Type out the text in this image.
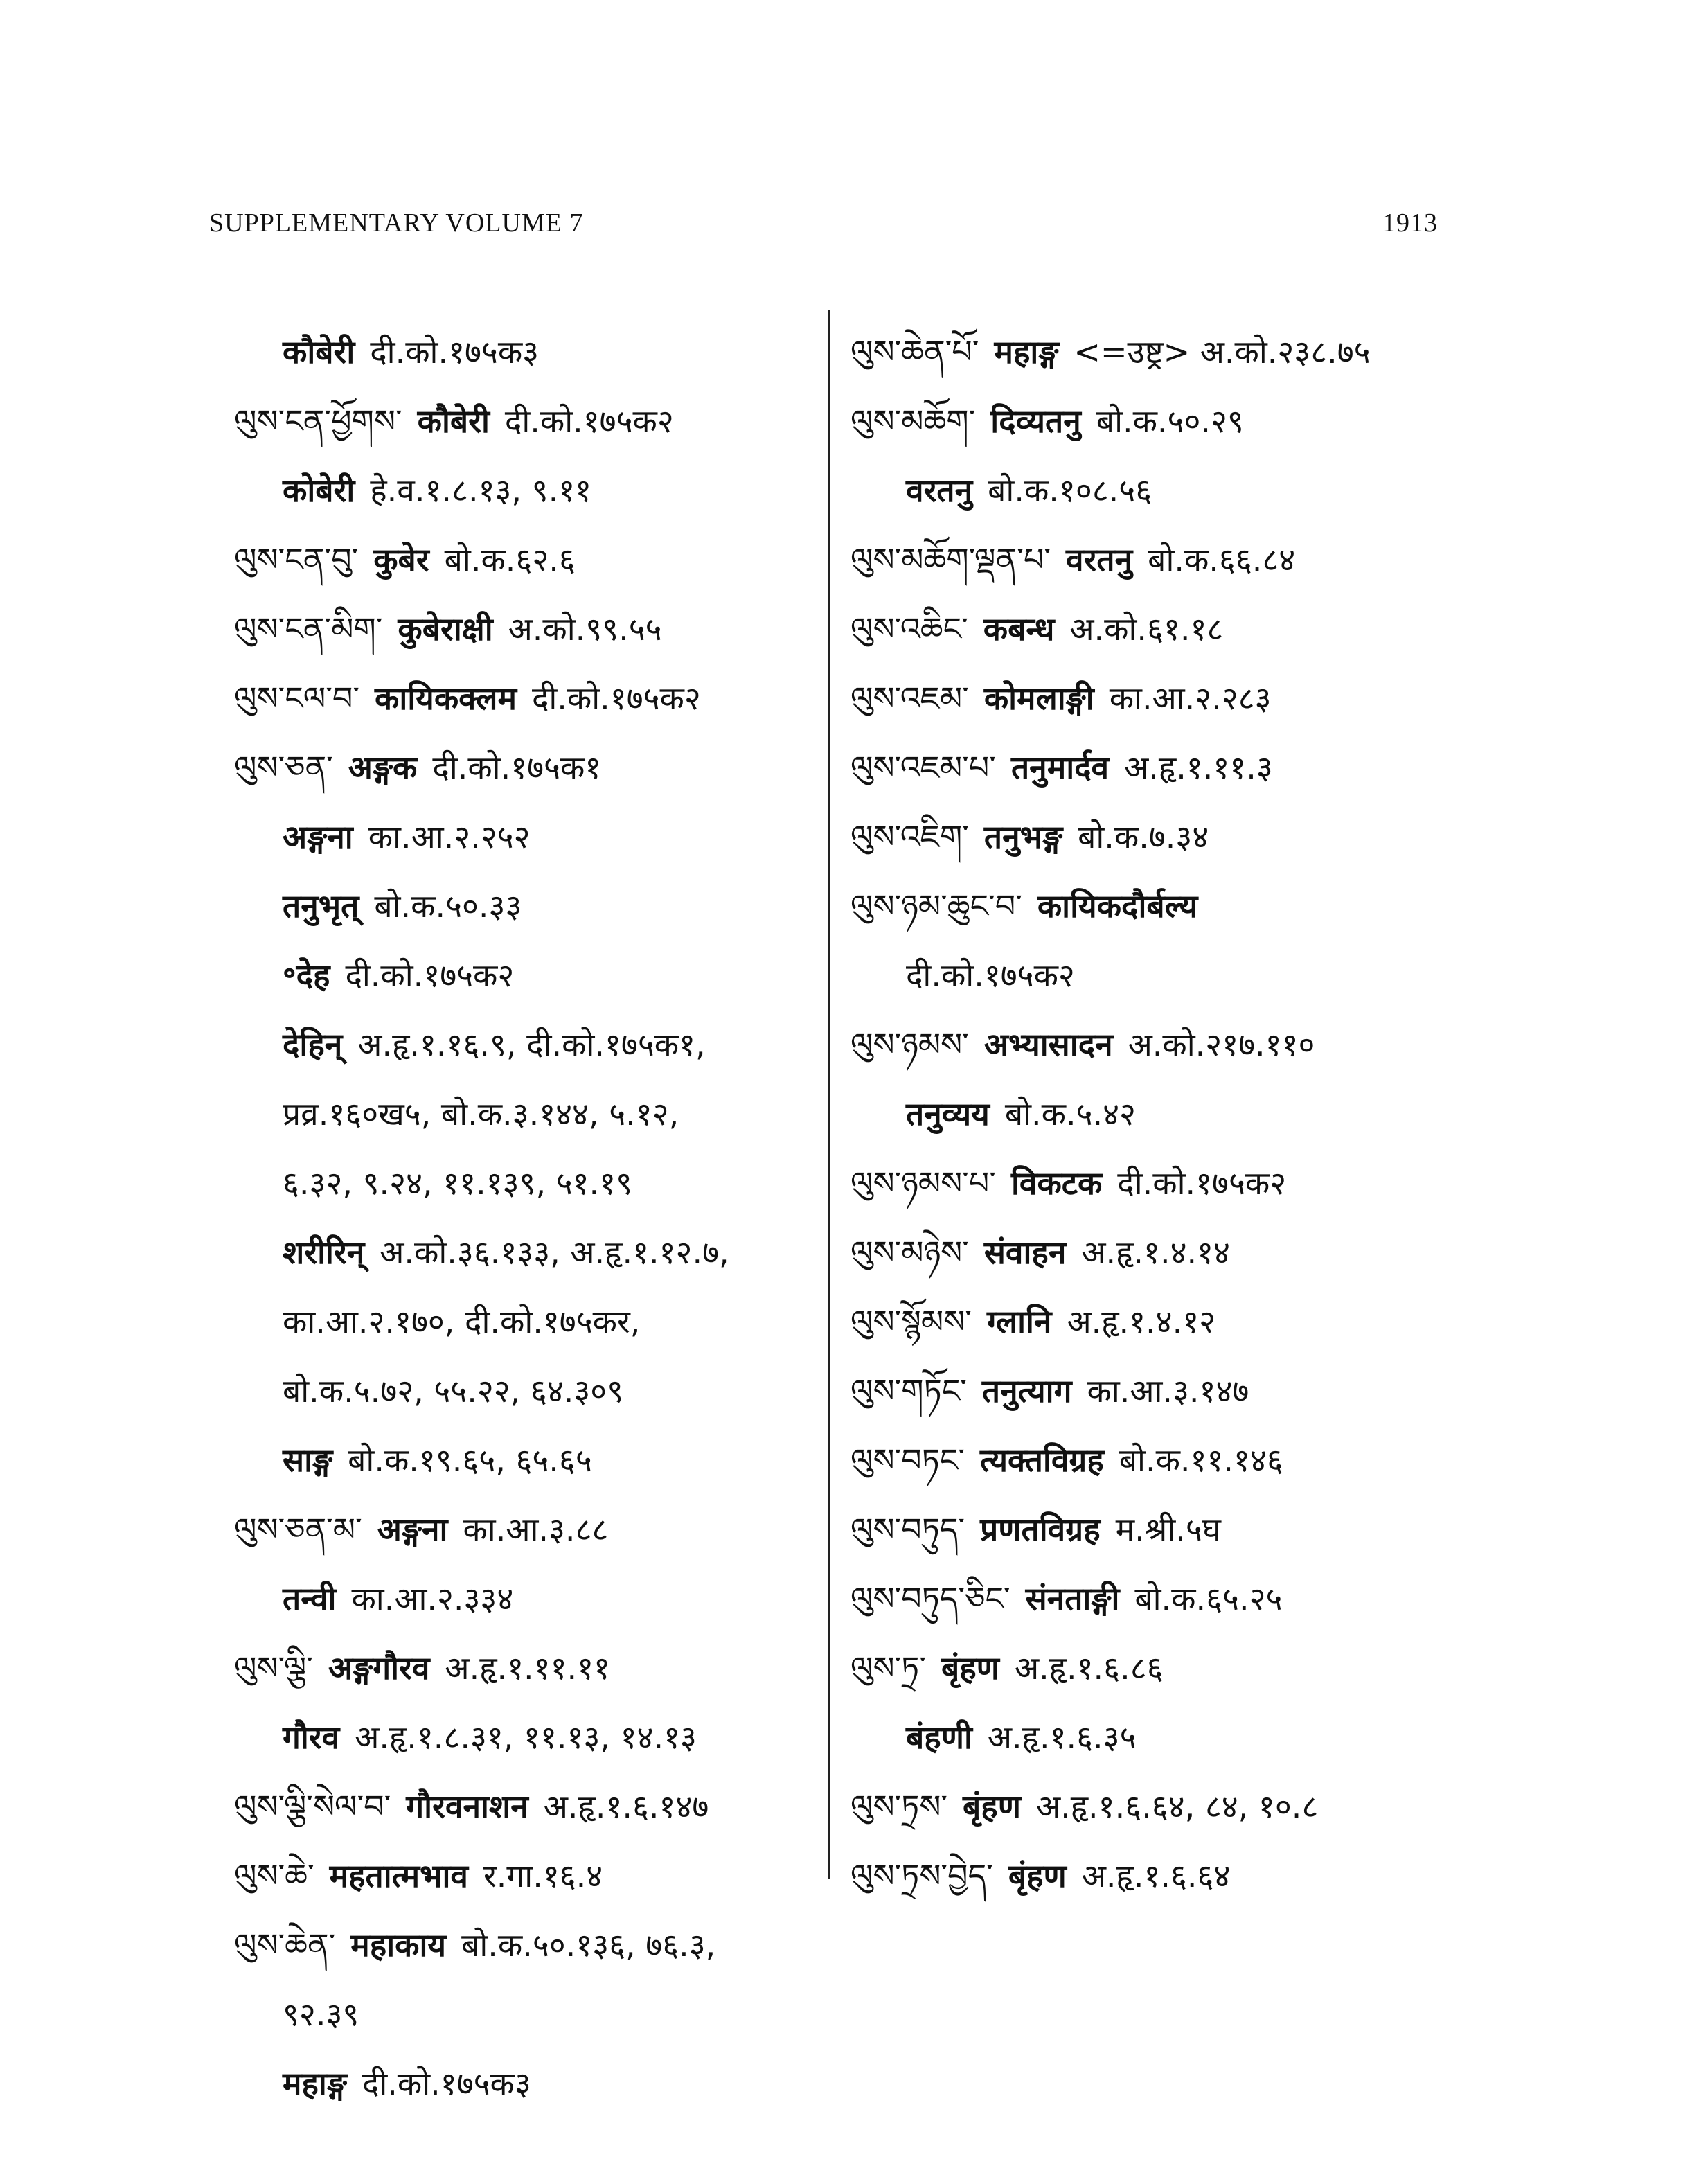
SUPPLEMENTARY VOLUME 7	1913
कौबेरी दी.को.१७५क३
ལུས་ངན་ཕྱོགས་ कौबेरी दी.को.१७५क२
कोबेरी हे.व.१.८.१३, ९.११
ལུས་ངན་བུ་ कुबेर बो.क.६२.६
ལུས་ངན་མིག་ कुबेराक्षी अ.को.९९.५५
ལུས་ངལ་བ་ कायिकक्लम दी.को.१७५क२
ལུས་ཅན་ अङ्गक दी.को.१७५क१
अङ्गना का.आ.२.२५२
तनुभृत् बो.क.५०.३३
॰देह दी.को.१७५क२
देहिन् अ.हृ.१.१६.९, दी.को.१७५क१,
प्रव्र.१६०ख५, बो.क.३.१४४, ५.१२,
६.३२, ९.२४, ११.१३९, ५१.१९
शरीरिन् अ.को.३६.१३३, अ.हृ.१.१२.७,
का.आ.२.१७०, दी.को.१७५कर,
बो.क.५.७२, ५५.२२, ६४.३०९
साङ्ग बो.क.१९.६५, ६५.६५
ལུས་ཅན་མ་ अङ्गना का.आ.३.८८
तन्वी का.आ.२.३३४
ལུས་ལྕི་ अङ्गगौरव अ.हृ.१.११.११
गौरव अ.हृ.१.८.३१, ११.१३, १४.१३
ལུས་ལྕི་སེལ་བ་ गौरवनाशन अ.हृ.१.६.१४७
ལུས་ཆེ་ महतात्मभाव र.गा.१६.४
ལུས་ཆེན་ महाकाय बो.क.५०.१३६, ७६.३,
९२.३९
महाङ्ग दी.को.१७५क३
ལུས་ཆེན་པོ་ महाङ्ग <=उष्ट्र> अ.को.२३८.७५
ལུས་མཆོག་ दिव्यतनु बो.क.५०.२९
वरतनु बो.क.१०८.५६
ལུས་མཆོག་ལྡན་པ་ वरतनु बो.क.६६.८४
ལུས་འཆིང་ कबन्ध अ.को.६१.१८
ལུས་འཇམ་ कोमलाङ्गी का.आ.२.२८३
ལུས་འཇམ་པ་ तनुमार्दव अ.हृ.१.११.३
ལུས་འཇིག་ तनुभङ्ग बो.क.७.३४
ལུས་ཉམ་ཆུང་བ་ कायिकदौर्बल्य
दी.को.१७५क२
ལུས་ཉམས་ अभ्यासादन अ.को.२१७.११०
तनुव्यय बो.क.५.४२
ལུས་ཉམས་པ་ विकटक दी.को.१७५क२
ལུས་མཉེས་ संवाहन अ.हृ.१.४.१४
ལུས་སྙོམས་ ग्लानि अ.हृ.१.४.१२
ལུས་གཏོང་ तनुत्याग का.आ.३.१४७
ལུས་བཏང་ त्यक्तविग्रह बो.क.११.१४६
ལུས་བཏུད་ प्रणतविग्रह म.श्री.५घ
ལུས་བཏུད་ཅིང་ संनताङ्गी बो.क.६५.२५
ལུས་ཏྲ་ बृंहण अ.हृ.१.६.८६
बंहणी अ.हृ.१.६.३५
ལུས་ཏྲས་ बृंहण अ.हृ.१.६.६४, ८४, १०.८
ལུས་ཏྲས་བྱེད་ बृंहण अ.हृ.१.६.६४
